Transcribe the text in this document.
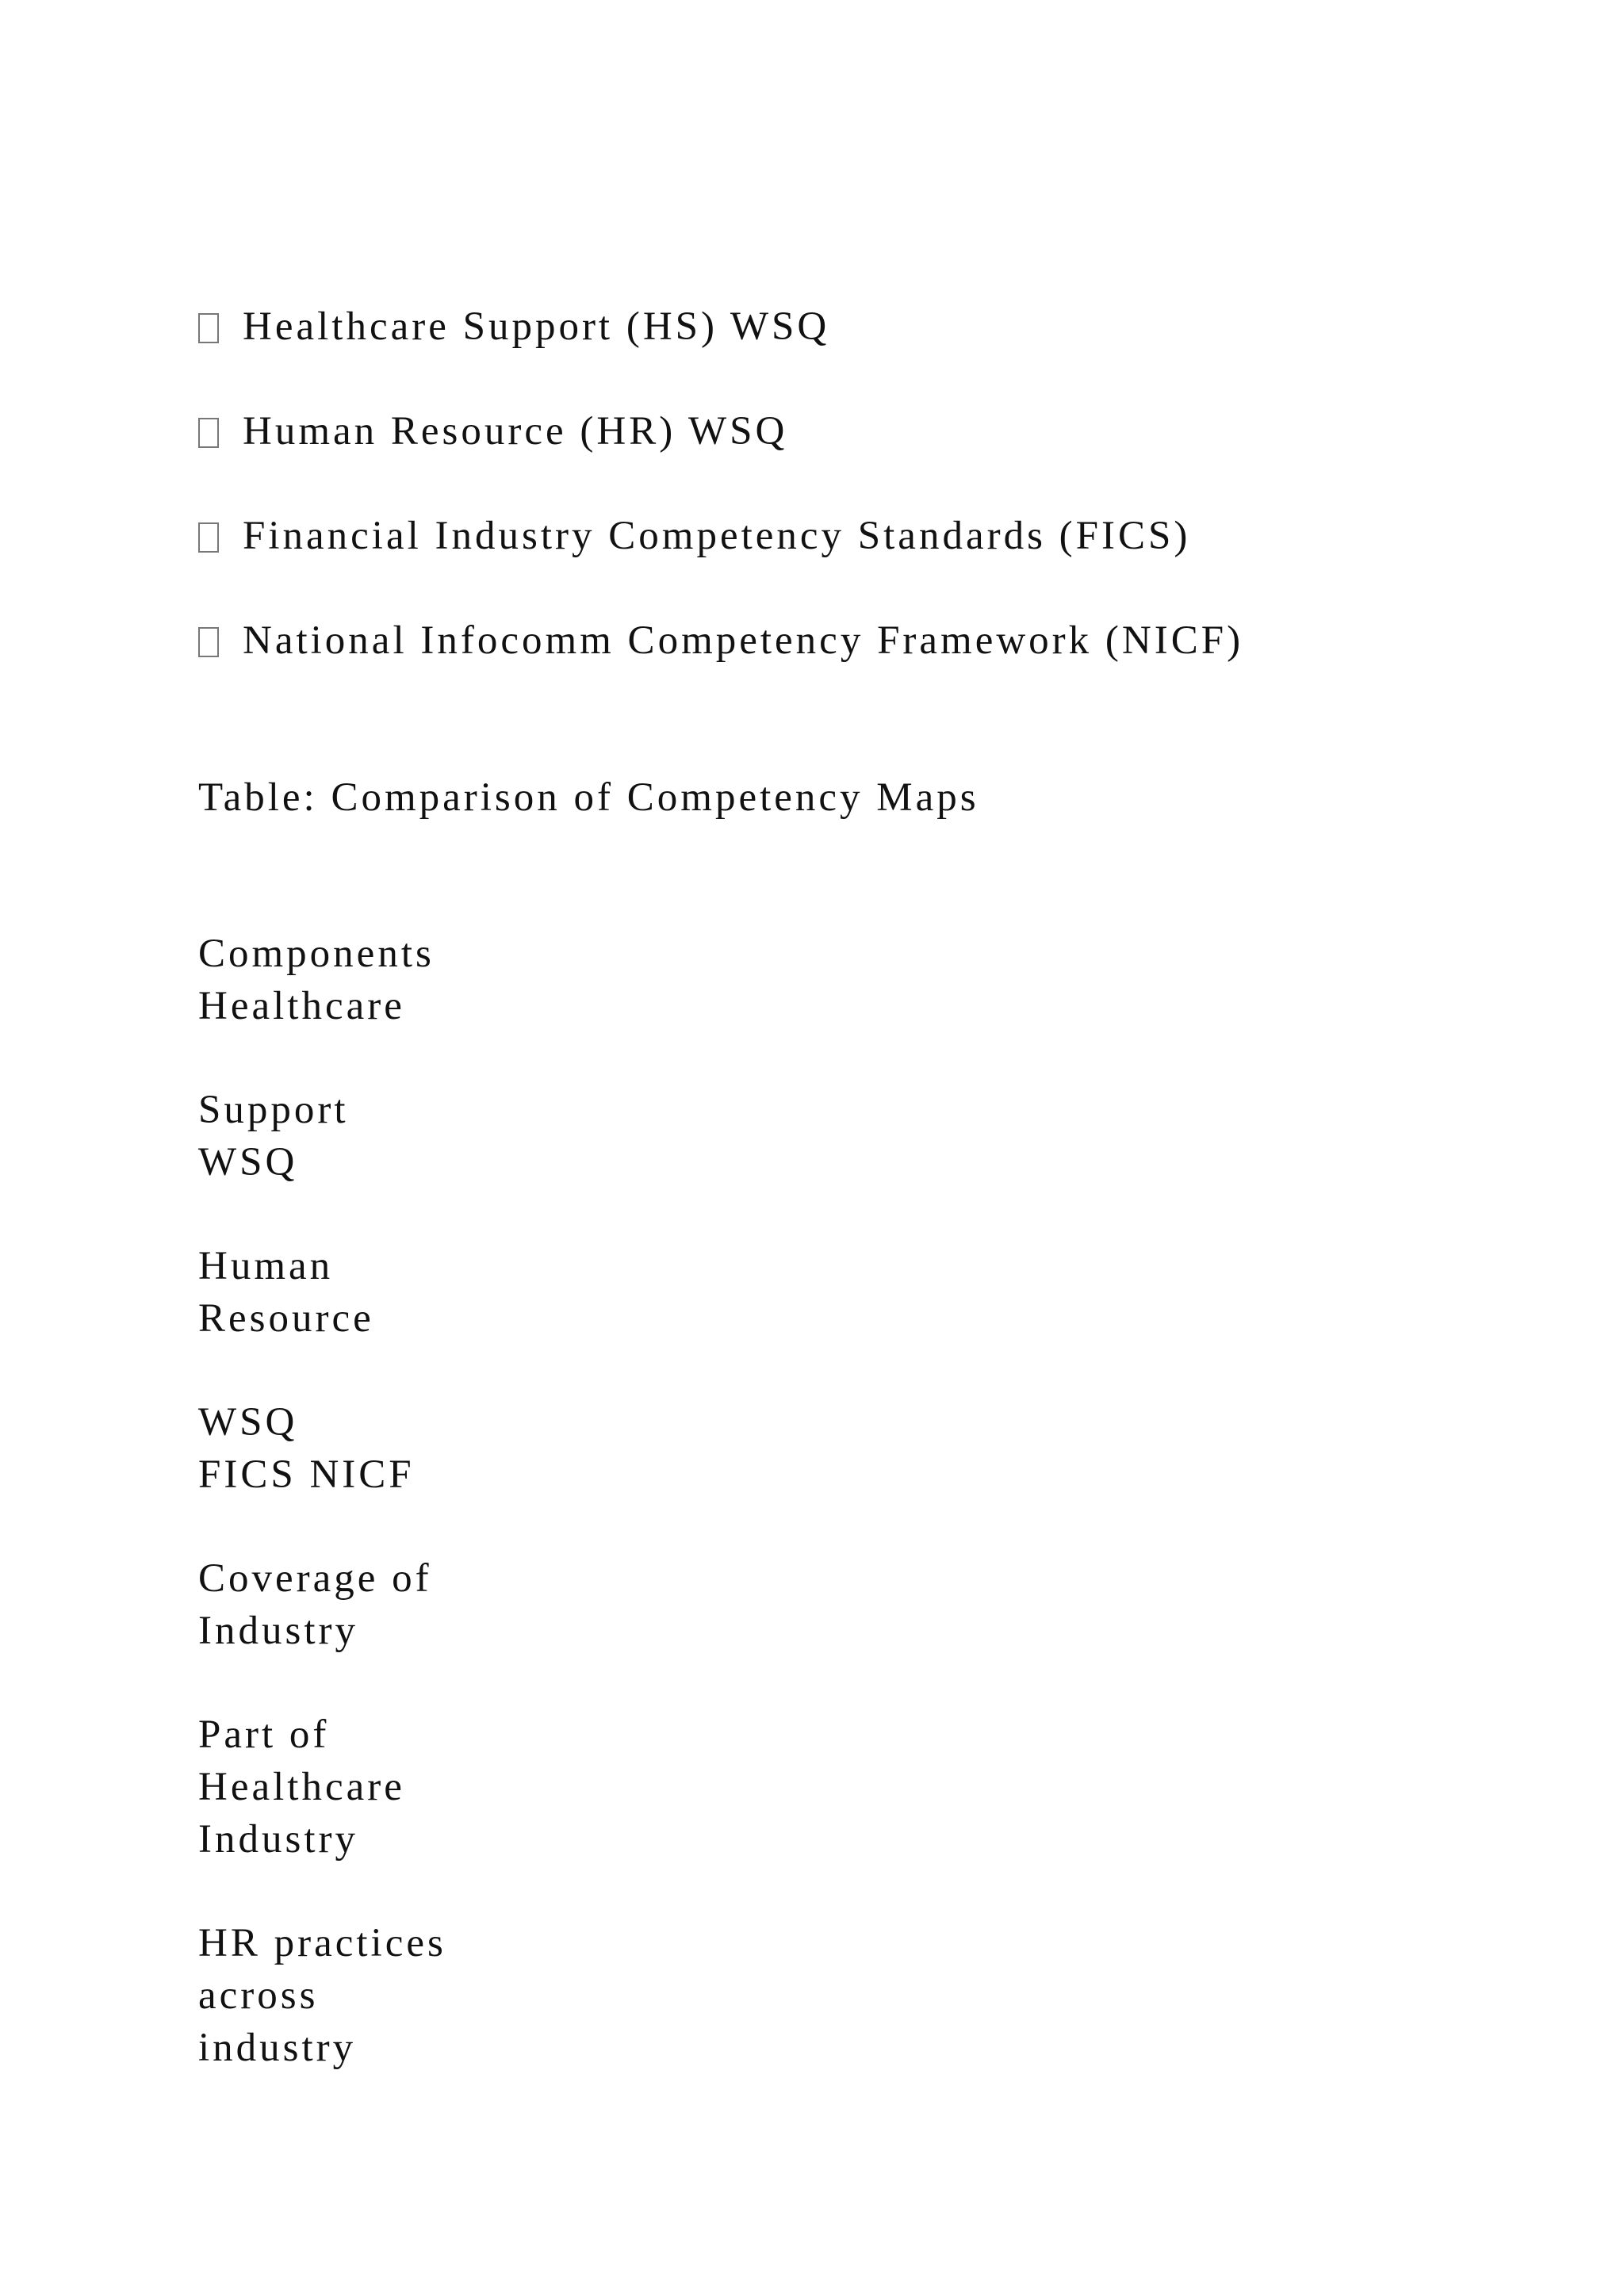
Healthcare Support (HS) WSQ
Human Resource (HR) WSQ
Financial Industry Competency Standards (FICS)
National Infocomm Competency Framework (NICF)
Table: Comparison of Competency Maps
Components
Healthcare
Support
WSQ
Human
Resource
WSQ
FICS NICF
Coverage of
Industry
Part of
Healthcare
Industry
HR practices
across
industry
